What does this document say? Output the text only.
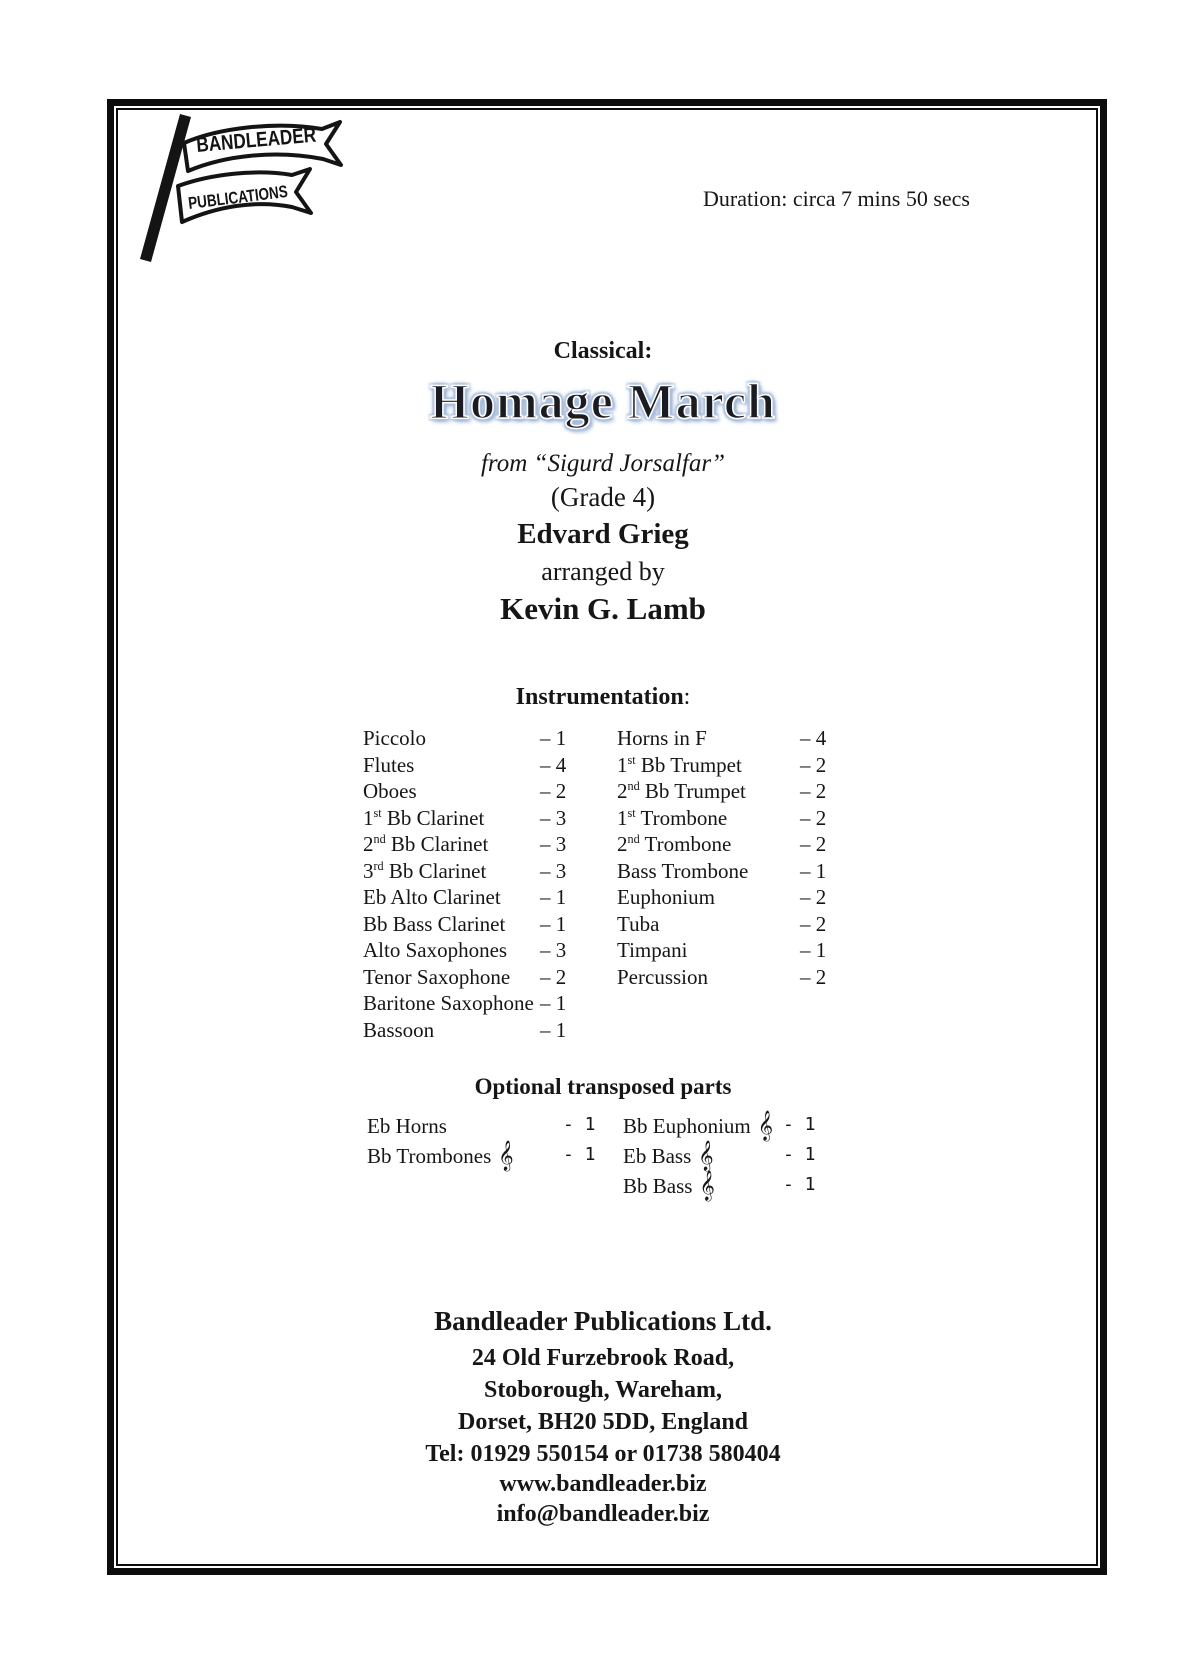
BANDLEADER
PUBLICATIONS	Duration: circa 7 mins 50 secs
Classical:
Homage March
from “Sigurd Jorsalfar”
(Grade 4)
Edvard Grieg
arranged by
Kevin G. Lamb
Instrumentation:
Piccolo	– 1
Flutes	– 4
Oboes	– 2
1st Bb Clarinet	– 3
2nd Bb Clarinet	– 3
3rd Bb Clarinet	– 3
Eb Alto Clarinet	– 1
Bb Bass Clarinet	– 1
Alto Saxophones	– 3
Tenor Saxophone	– 2
Baritone Saxophone – 1
Bassoon	– 1
Horns in F	– 4
1st Bb Trumpet	– 2
2nd Bb Trumpet	– 2
1st Trombone	– 2
2nd Trombone	– 2
Bass Trombone	– 1
Euphonium	– 2
Tuba	– 2
Timpani	– 1
Percussion	– 2
Optional transposed parts
Eb Horns	- 1
Bb Trombones 𝄞	- 1
Bb Euphonium 𝄞 - 1
Eb Bass 𝄞	- 1
Bb Bass 𝄞	- 1
Bandleader Publications Ltd.
24 Old Furzebrook Road,
Stoborough, Wareham,
Dorset, BH20 5DD, England
Tel: 01929 550154 or 01738 580404
www.bandleader.biz
info@bandleader.biz
